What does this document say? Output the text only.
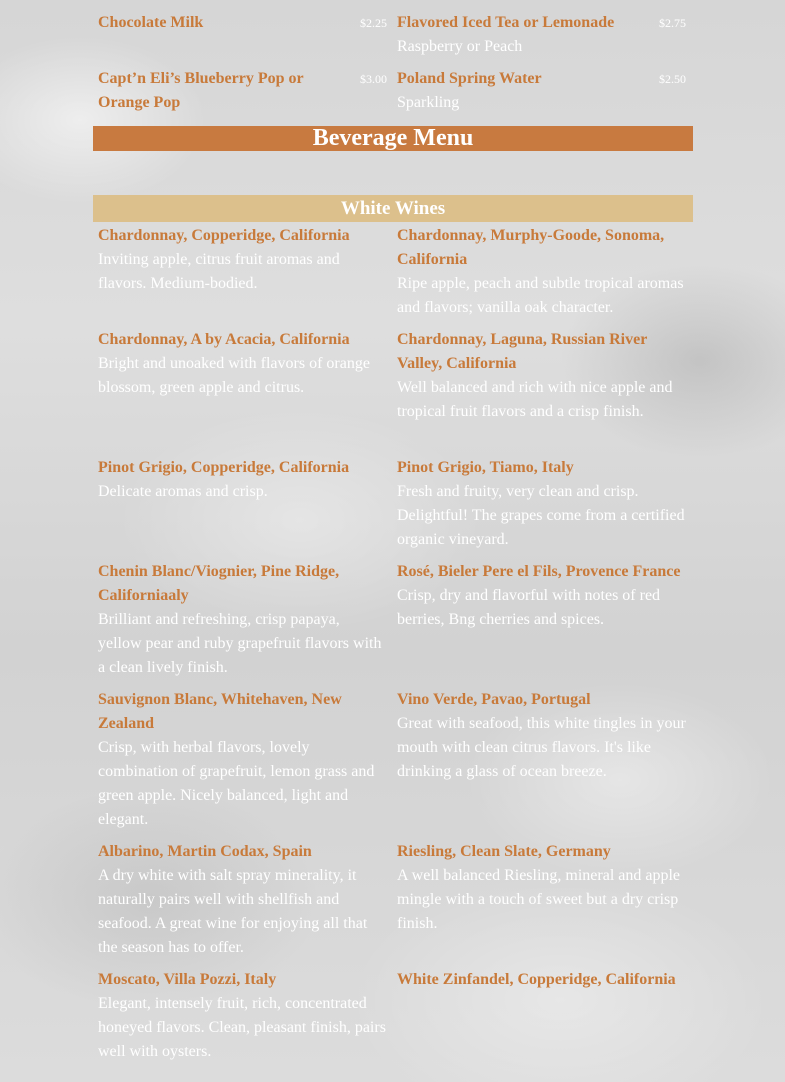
$2.25
Chocolate Milk	$2.75
Flavored Iced Tea or Lemonade
Raspberry or Peach
$3.00
Capt’n Eli’s Blueberry Pop or Orange Pop
$2.50
Poland Spring Water
Sparkling
Beverage Menu
White Wines
Chardonnay, Copperidge, California
Inviting apple, citrus fruit aromas and flavors. Medium-bodied.
Chardonnay, Murphy-Goode, Sonoma, California
Ripe apple, peach and subtle tropical aromas and flavors; vanilla oak character.
Chardonnay, A by Acacia, California
Bright and unoaked with flavors of orange blossom, green apple and citrus.
Chardonnay, Laguna, Russian River Valley, California
Well balanced and rich with nice apple and tropical fruit flavors and a crisp finish.
Pinot Grigio, Copperidge, California
Delicate aromas and crisp.
Pinot Grigio, Tiamo, Italy
Fresh and fruity, very clean and crisp. Delightful! The grapes come from a certified organic vineyard.
Chenin Blanc/Viognier, Pine Ridge, Californiaaly
Brilliant and refreshing, crisp papaya, yellow pear and ruby grapefruit flavors with a clean lively finish.
Rosé, Bieler Pere el Fils, Provence France
Crisp, dry and flavorful with notes of red berries, Bng cherries and spices.
Sauvignon Blanc, Whitehaven, New Zealand
Crisp, with herbal flavors, lovely combination of grapefruit, lemon grass and green apple. Nicely balanced, light and elegant.
Vino Verde, Pavao, Portugal
Great with seafood, this white tingles in your mouth with clean citrus flavors. It's like drinking a glass of ocean breeze.
Albarino, Martin Codax, Spain
A dry white with salt spray minerality, it naturally pairs well with shellfish and seafood. A great wine for enjoying all that the season has to offer.
Riesling, Clean Slate, Germany
A well balanced Riesling, mineral and apple mingle with a touch of sweet but a dry crisp finish.
Moscato, Villa Pozzi, Italy
Elegant, intensely fruit, rich, concentrated honeyed flavors. Clean, pleasant finish, pairs well with oysters.
White Zinfandel, Copperidge, California
